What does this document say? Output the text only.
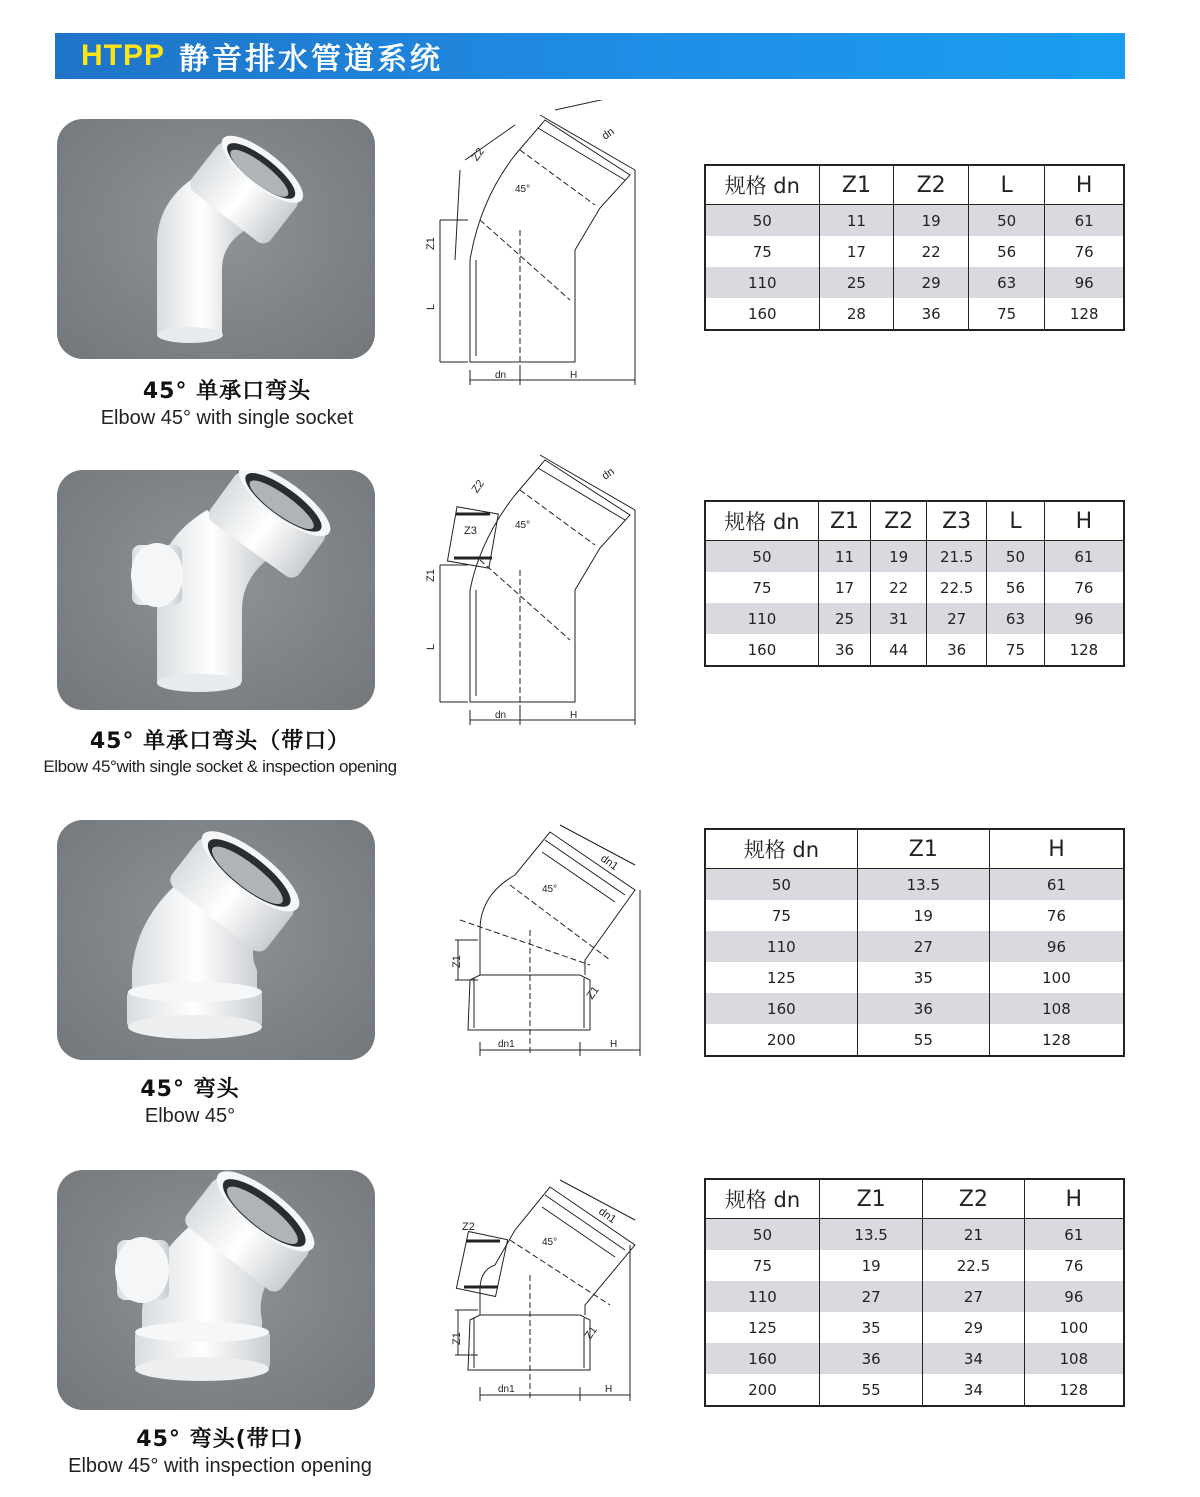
HTPP 静音排水管道系统
45° 单承口弯头
Elbow 45° with single socket
Z2
dn
45°
Z1
L
dn	H
规格 dn	Z1	Z2	L	H
50	11	19	50	61
75	17	22	56	76
110	25	29	63	96
160	28	36	75	128
45° 单承口弯头（带口）
Elbow 45°with single socket & inspection opening
Z2
dn
45°
Z3
Z1
L
dn	H
规格 dn	Z1	Z2	Z3	L	H
50	11	19	21.5	50	61
75	17	22	22.5	56	76
110	25	31	27	63	96
160	36	44	36	75	128
45° 弯头
Elbow 45°
dn1
45°
Z1
Z1
dn1	H
规格 dn	Z1	H
50	13.5	61
75	19	76
110	27	96
125	35	100
160	36	108
200	55	128
45° 弯头(带口)
Elbow 45° with inspection opening
Z2
dn1
45°
Z1	Z1
dn1	H
规格 dn	Z1	Z2	H
50	13.5	21	61
75	19	22.5	76
110	27	27	96
125	35	29	100
160	36	34	108
200	55	34	128
